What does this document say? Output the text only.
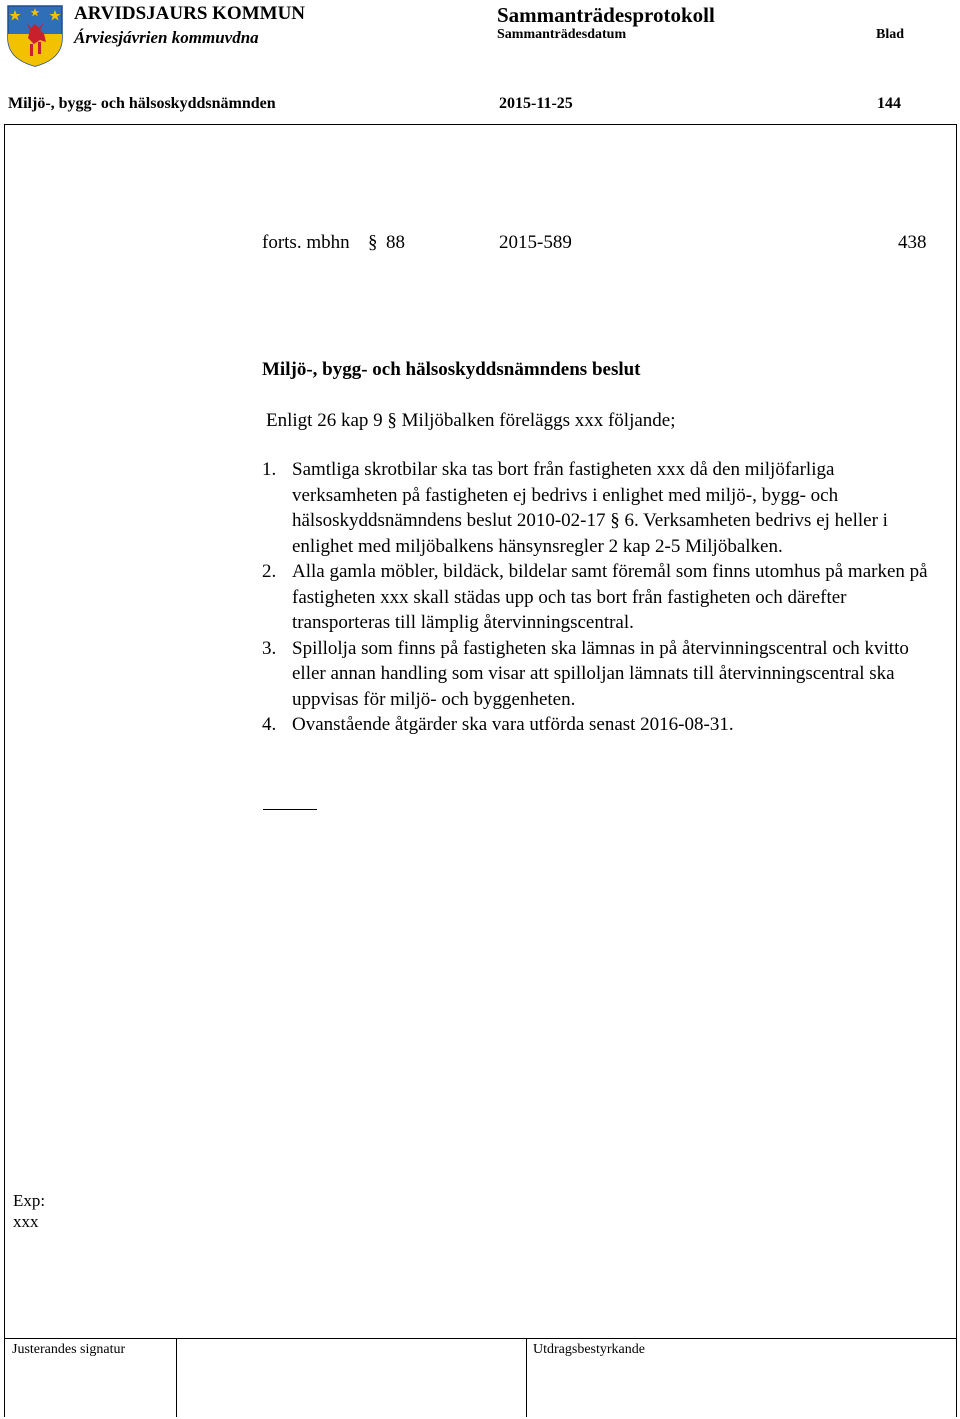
ARVIDSJAURS KOMMUN
Árviesjávrien kommuvdna
Sammanträdesprotokoll
Sammanträdesdatum	Blad
Miljö-, bygg- och hälsoskyddsnämnden	2015-11-25	144
forts. mbhn § 88	2015-589	438
Miljö-, bygg- och hälsoskyddsnämndens beslut
Enligt 26 kap 9 § Miljöbalken föreläggs xxx följande;
1. Samtliga skrotbilar ska tas bort från fastigheten xxx då den miljöfarliga verksamheten på fastigheten ej bedrivs i enlighet med miljö-, bygg- och hälsoskyddsnämndens beslut 2010-02-17 § 6. Verksamheten bedrivs ej heller i enlighet med miljöbalkens hänsynsregler 2 kap 2-5 Miljöbalken.
2. Alla gamla möbler, bildäck, bildelar samt föremål som finns utomhus på marken på fastigheten xxx skall städas upp och tas bort från fastigheten och därefter transporteras till lämplig återvinningscentral.
3. Spillolja som finns på fastigheten ska lämnas in på återvinningscentral och kvitto eller annan handling som visar att spilloljan lämnats till återvinningscentral ska uppvisas för miljö- och byggenheten.
4. Ovanstående åtgärder ska vara utförda senast 2016-08-31.
Exp:
xxx
Justerandes signatur	Utdragsbestyrkande
